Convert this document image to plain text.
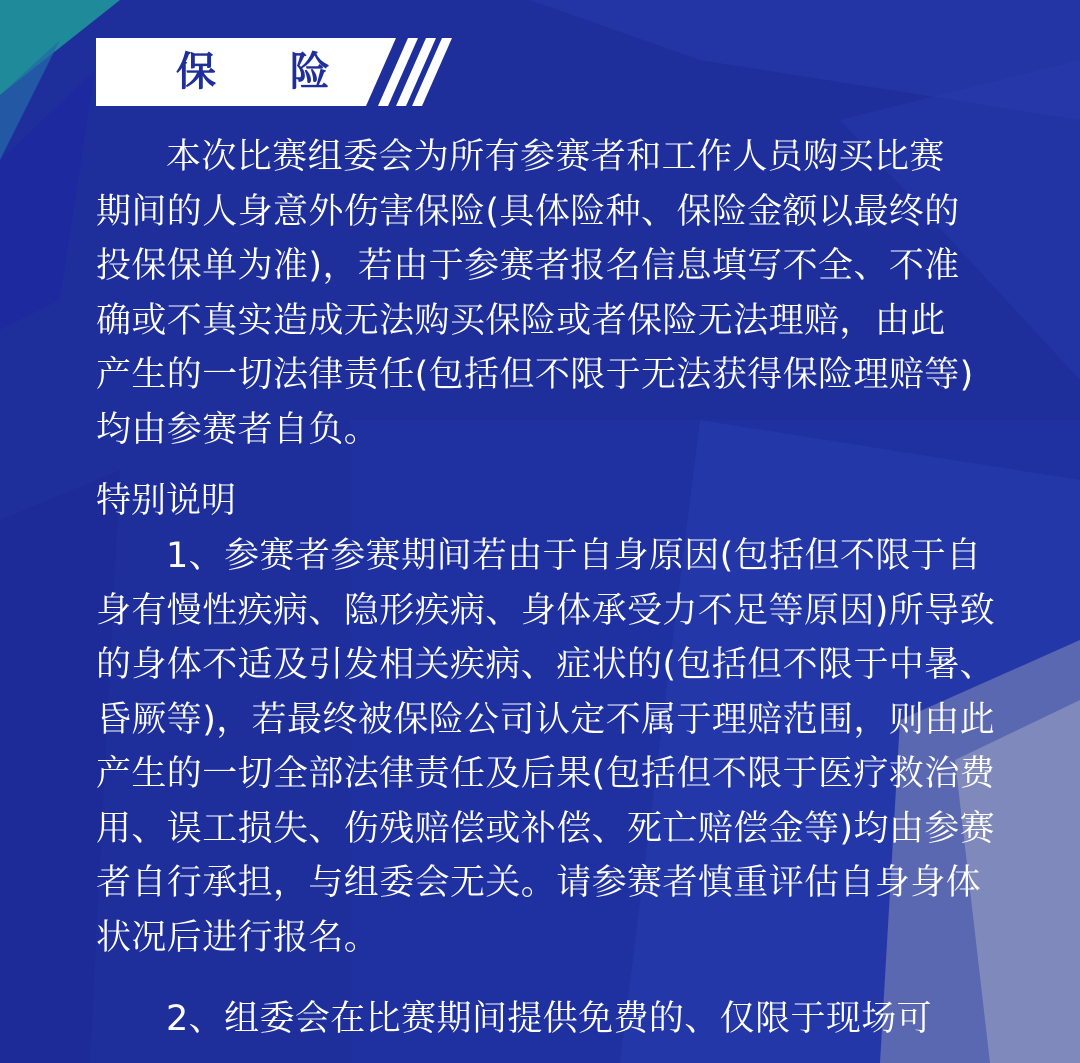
保 险

本次比赛组委会为所有参赛者和工作人员购买比赛期间的人身意外伤害保险(具体险种、保险金额以最终的投保保单为准)，若由于参赛者报名信息填写不全、不准确或不真实造成无法购买保险或者保险无法理赔，由此产生的一切法律责任(包括但不限于无法获得保险理赔等)均由参赛者自负。

特别说明

1、参赛者参赛期间若由于自身原因(包括但不限于自身有慢性疾病、隐形疾病、身体承受力不足等原因)所导致的身体不适及引发相关疾病、症状的(包括但不限于中暑、昏厥等)，若最终被保险公司认定不属于理赔范围，则由此产生的一切全部法律责任及后果(包括但不限于医疗救治费用、误工损失、伤残赔偿或补偿、死亡赔偿金等)均由参赛者自行承担，与组委会无关。请参赛者慎重评估自身身体状况后进行报名。

2、组委会在比赛期间提供免费的、仅限于现场可
